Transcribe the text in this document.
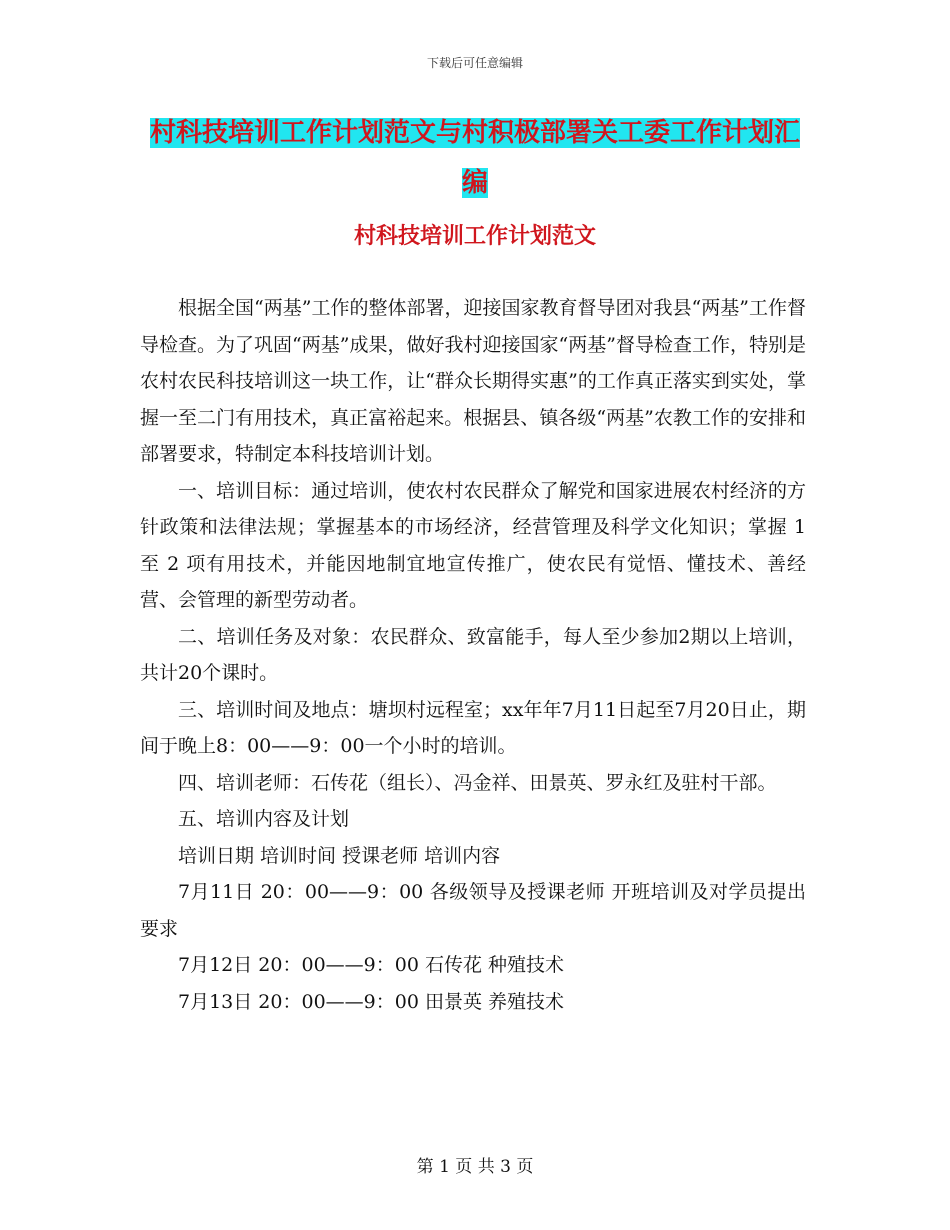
下载后可任意编辑
村科技培训工作计划范文与村积极部署关工委工作计划汇编
村科技培训工作计划范文

根据全国“两基”工作的整体部署，迎接国家教育督导团对我县“两基”工作督导检查。为了巩固“两基”成果，做好我村迎接国家“两基”督导检查工作，特别是农村农民科技培训这一块工作，让“群众长期得实惠”的工作真正落实到实处，掌握一至二门有用技术，真正富裕起来。根据县、镇各级“两基”农教工作的安排和部署要求，特制定本科技培训计划。

一、培训目标：通过培训，使农村农民群众了解党和国家进展农村经济的方针政策和法律法规；掌握基本的市场经济，经营管理及科学文化知识；掌握 1 至 2 项有用技术，并能因地制宜地宣传推广，使农民有觉悟、懂技术、善经营、会管理的新型劳动者。

二、培训任务及对象：农民群众、致富能手，每人至少参加2期以上培训，共计20个课时。

三、培训时间及地点：塘坝村远程室；xx年年7月11日起至7月20日止，期间于晚上8：00——9：00一个小时的培训。

四、培训老师：石传花（组长）、冯金祥、田景英、罗永红及驻村干部。

五、培训内容及计划

培训日期 培训时间 授课老师 培训内容

7月11日 20：00——9：00 各级领导及授课老师 开班培训及对学员提出要求

7月12日 20：00——9：00 石传花 种殖技术

7月13日 20：00——9：00 田景英 养殖技术

第 1 页 共 3 页
